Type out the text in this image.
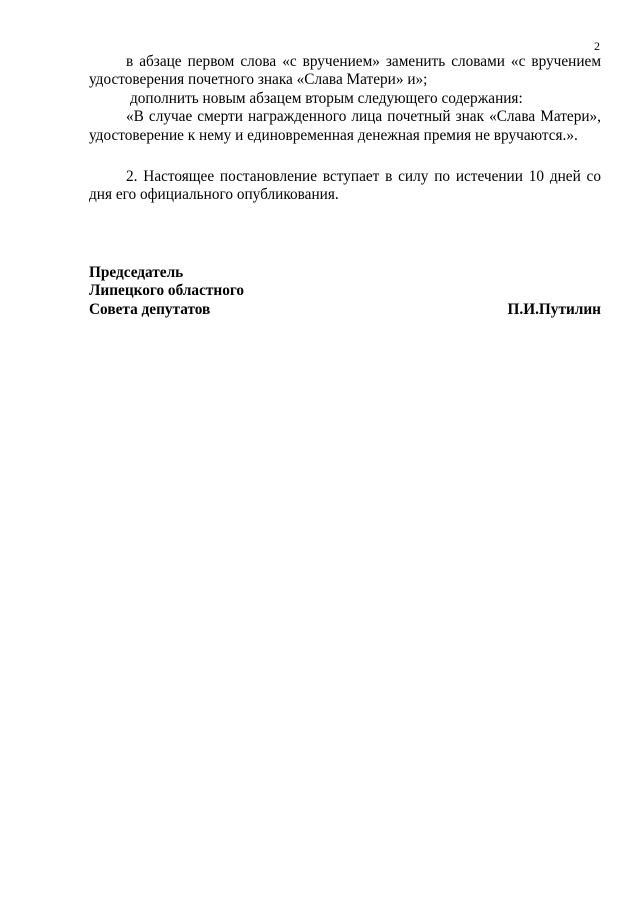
2

в абзаце первом слова «с вручением» заменить словами «с вручением удостоверения почетного знака «Слава Матери» и»;

дополнить новым абзацем вторым следующего содержания:

«В случае смерти награжденного лица почетный знак «Слава Матери», удостоверение к нему и единовременная денежная премия не вручаются.».

2. Настоящее постановление вступает в силу по истечении 10 дней со дня его официального опубликования.

Председатель
Липецкого областного
Совета депутатов	П.И.Путилин
